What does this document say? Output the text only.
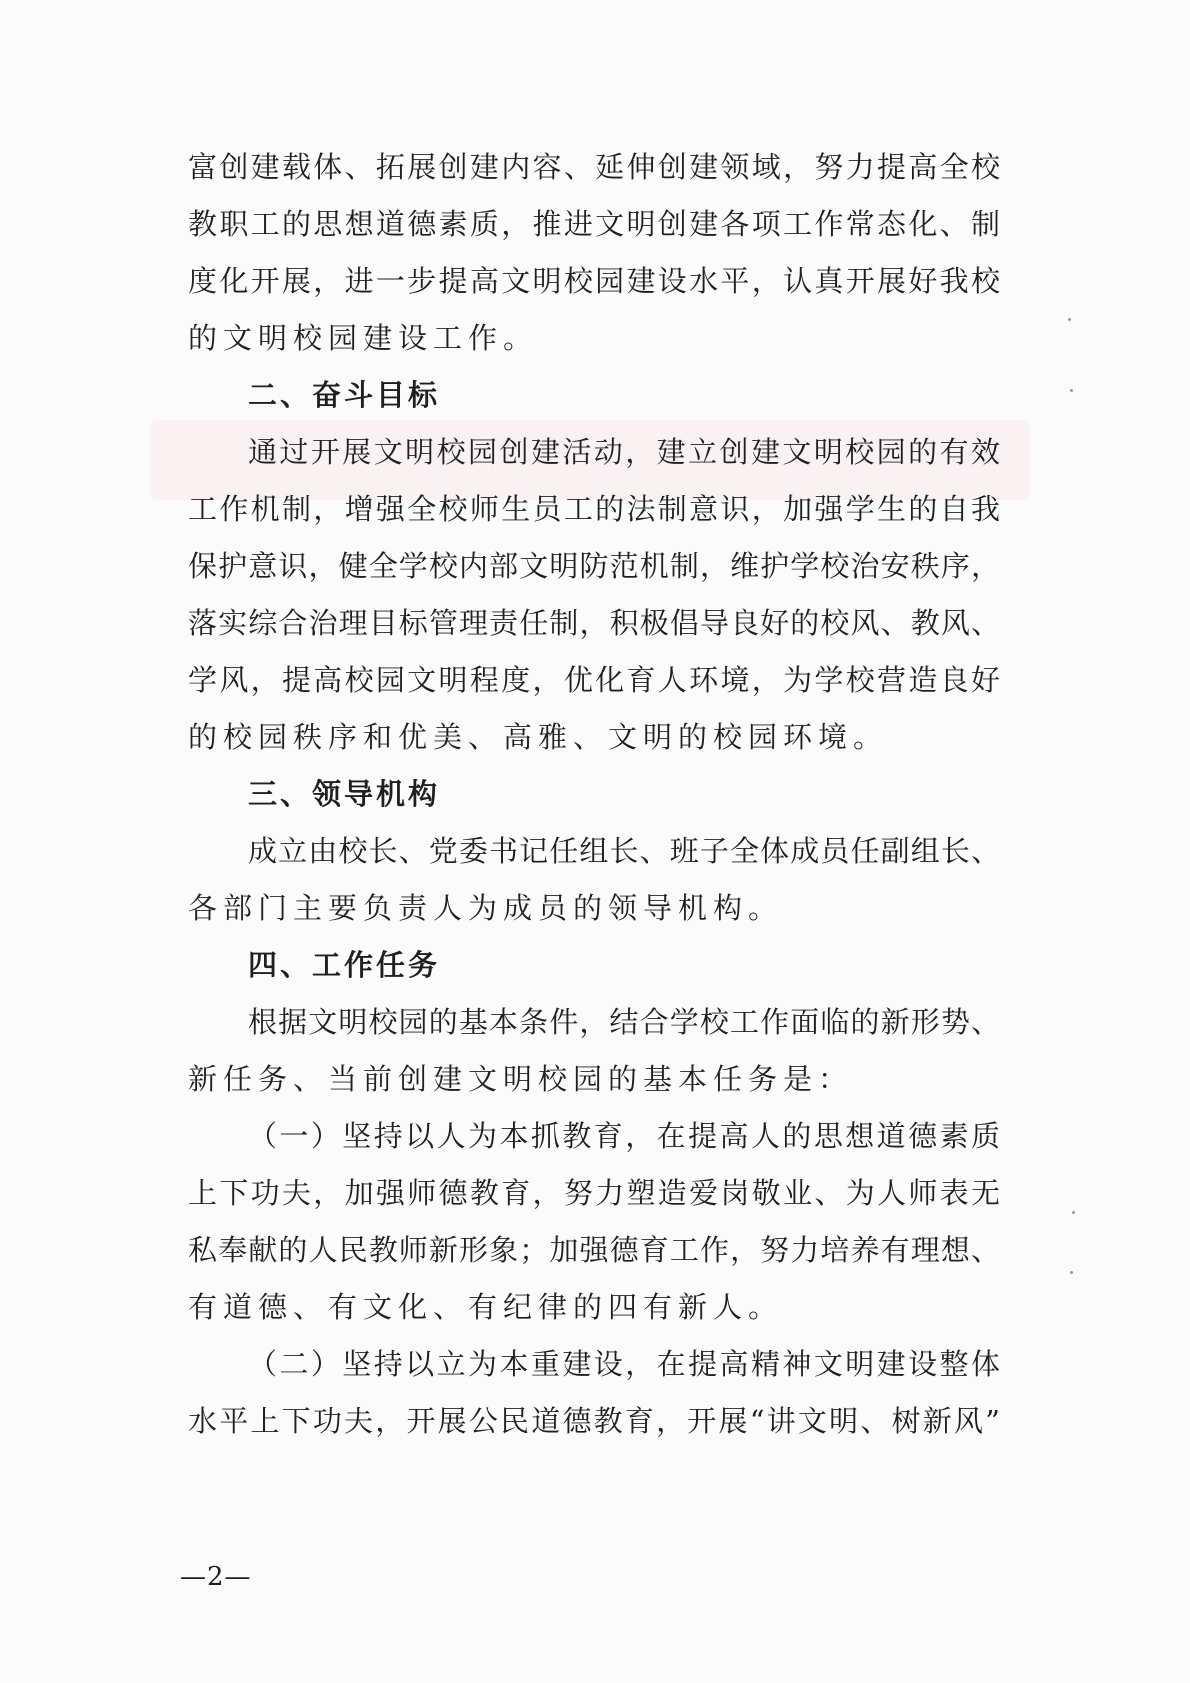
富创建载体、拓展创建内容、延伸创建领域，努力提高全校
教职工的思想道德素质，推进文明创建各项工作常态化、制
度化开展，进一步提高文明校园建设水平，认真开展好我校
的文明校园建设工作。
二、奋斗目标
通过开展文明校园创建活动，建立创建文明校园的有效
工作机制，增强全校师生员工的法制意识，加强学生的自我
保护意识，健全学校内部文明防范机制，维护学校治安秩序，
落实综合治理目标管理责任制，积极倡导良好的校风、教风、
学风，提高校园文明程度，优化育人环境，为学校营造良好
的校园秩序和优美、高雅、文明的校园环境。
三、领导机构
成立由校长、党委书记任组长、班子全体成员任副组长、
各部门主要负责人为成员的领导机构。
四、工作任务
根据文明校园的基本条件，结合学校工作面临的新形势、
新任务、当前创建文明校园的基本任务是：
（一）坚持以人为本抓教育，在提高人的思想道德素质
上下功夫，加强师德教育，努力塑造爱岗敬业、为人师表无
私奉献的人民教师新形象；加强德育工作，努力培养有理想、
有道德、有文化、有纪律的四有新人。
（二）坚持以立为本重建设，在提高精神文明建设整体
水平上下功夫，开展公民道德教育，开展“讲文明、树新风”
—2—
